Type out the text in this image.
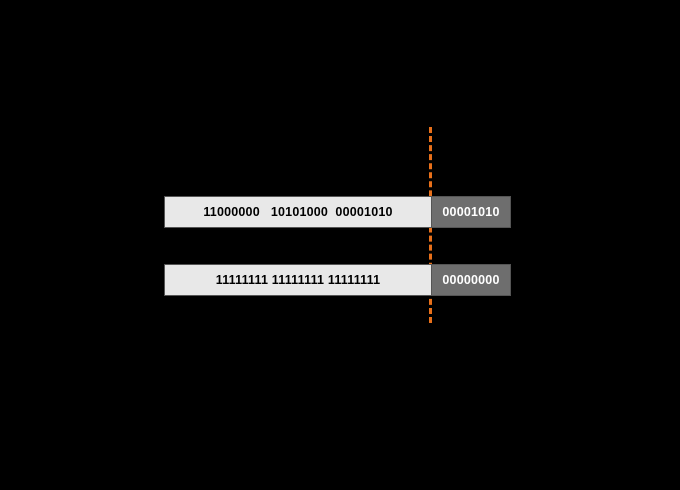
11000000   10101000  00001010	00001010
11111111 11111111 11111111	00000000
